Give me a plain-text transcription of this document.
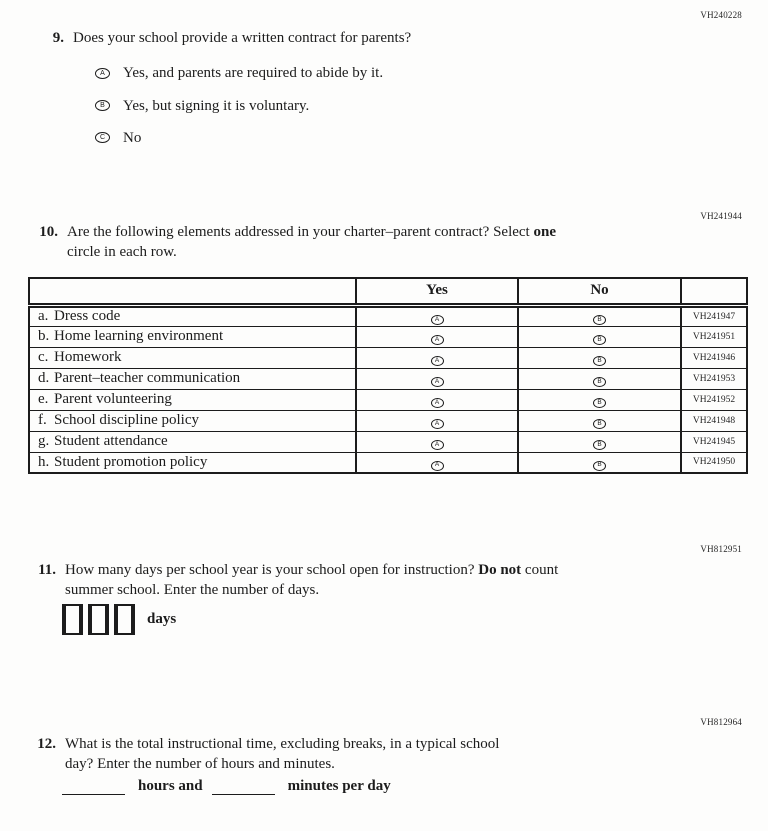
VH240228
9. Does your school provide a written contract for parents?
A	Yes, and parents are required to abide by it.
B	Yes, but signing it is voluntary.
C	No
VH241944
10. Are the following elements addressed in your charter–parent contract? Select one
circle in each row.
	Yes	No	
a. Dress code	A	B	VH241947
b. Home learning environment	A	B	VH241951
c. Homework	A	B	VH241946
d. Parent–teacher communication	A	B	VH241953
e. Parent volunteering	A	B	VH241952
f. School discipline policy	A	B	VH241948
g. Student attendance	A	B	VH241945
h. Student promotion policy	A	B	VH241950
VH812951
11. How many days per school year is your school open for instruction? Do not count
summer school. Enter the number of days.
days
VH812964
12. What is the total instructional time, excluding breaks, in a typical school
day? Enter the number of hours and minutes.
hours and	minutes per day
